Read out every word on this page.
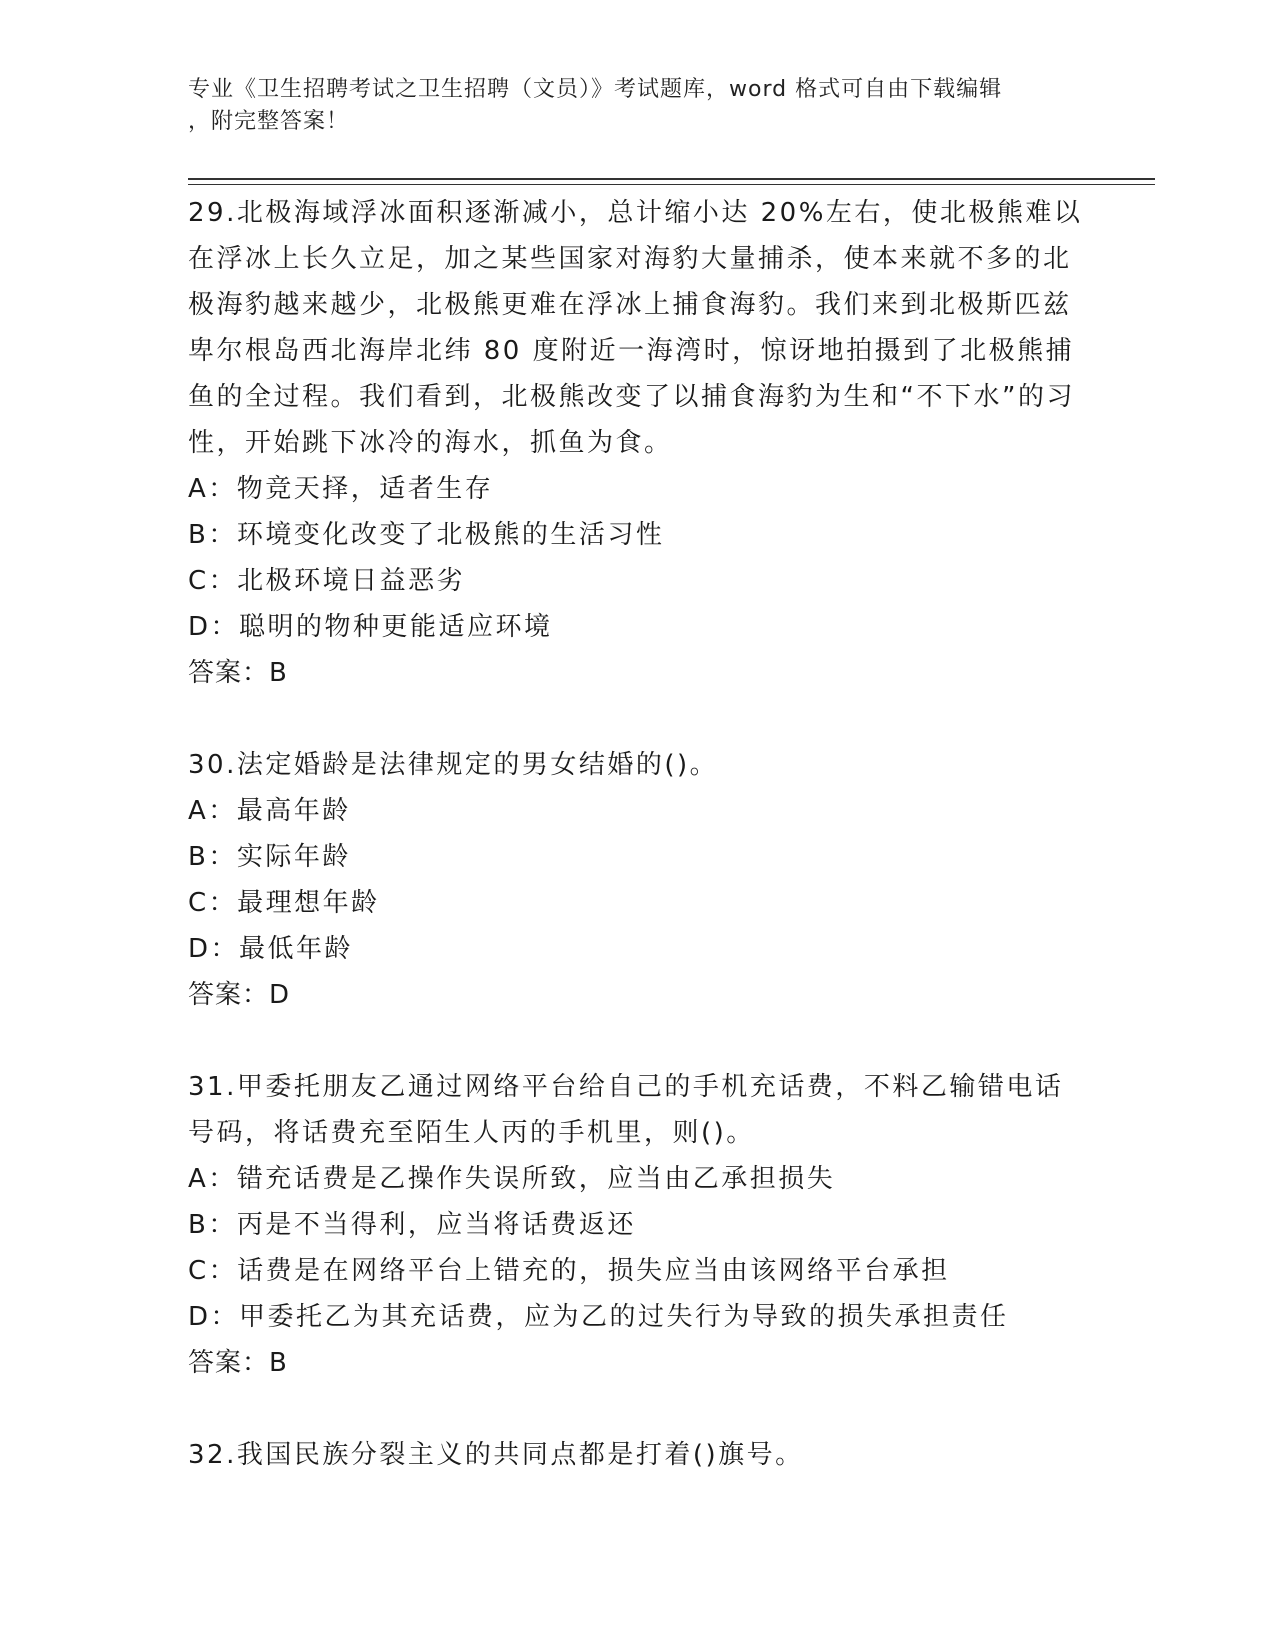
专业《卫生招聘考试之卫生招聘（文员）》考试题库，word 格式可自由下载编辑
，附完整答案！

29.北极海域浮冰面积逐渐减小，总计缩小达 20%左右，使北极熊难以在浮冰上长久立足，加之某些国家对海豹大量捕杀，使本来就不多的北极海豹越来越少，北极熊更难在浮冰上捕食海豹。我们来到北极斯匹兹卑尔根岛西北海岸北纬 80 度附近一海湾时，惊讶地拍摄到了北极熊捕鱼的全过程。我们看到，北极熊改变了以捕食海豹为生和“不下水”的习性，开始跳下冰冷的海水，抓鱼为食。

A：物竞天择，适者生存

B：环境变化改变了北极熊的生活习性

C：北极环境日益恶劣

D：聪明的物种更能适应环境

答案：B

30.法定婚龄是法律规定的男女结婚的()。

A：最高年龄

B：实际年龄

C：最理想年龄

D：最低年龄

答案：D

31.甲委托朋友乙通过网络平台给自己的手机充话费，不料乙输错电话号码，将话费充至陌生人丙的手机里，则()。

A：错充话费是乙操作失误所致，应当由乙承担损失

B：丙是不当得利，应当将话费返还

C：话费是在网络平台上错充的，损失应当由该网络平台承担

D：甲委托乙为其充话费，应为乙的过失行为导致的损失承担责任

答案：B

32.我国民族分裂主义的共同点都是打着()旗号。
